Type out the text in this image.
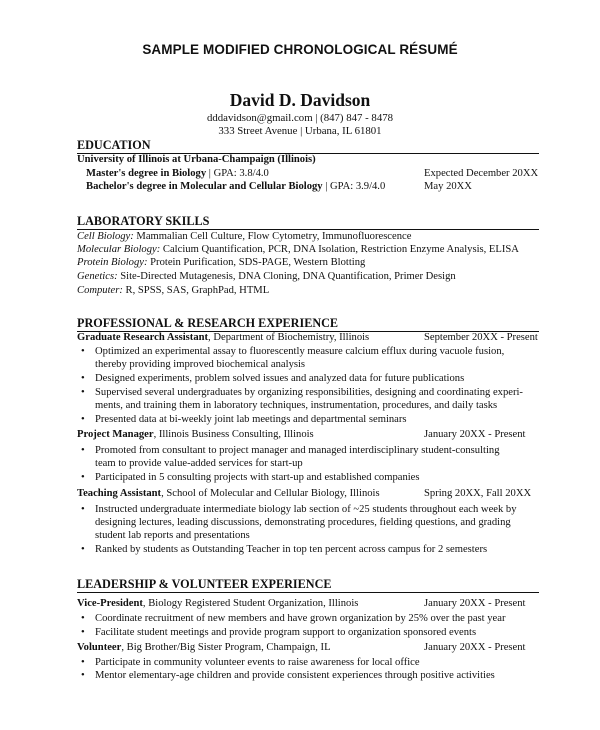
SAMPLE MODIFIED CHRONOLOGICAL RÉSUMÉ
David D. Davidson
dddavidson@gmail.com | (847) 847 - 8478
333 Street Avenue | Urbana, IL 61801
EDUCATION
University of Illinois at Urbana-Champaign (Illinois)
Master's degree in Biology | GPA: 3.8/4.0	Expected December 20XX
Bachelor's degree in Molecular and Cellular Biology | GPA: 3.9/4.0	May 20XX
LABORATORY SKILLS
Cell Biology: Mammalian Cell Culture, Flow Cytometry, Immunofluorescence
Molecular Biology: Calcium Quantification, PCR, DNA Isolation, Restriction Enzyme Analysis, ELISA
Protein Biology: Protein Purification, SDS-PAGE, Western Blotting
Genetics: Site-Directed Mutagenesis, DNA Cloning, DNA Quantification, Primer Design
Computer: R, SPSS, SAS, GraphPad, HTML
PROFESSIONAL & RESEARCH EXPERIENCE
Graduate Research Assistant, Department of Biochemistry, Illinois	September 20XX - Present
• Optimized an experimental assay to fluorescently measure calcium efflux during vacuole fusion,
thereby providing improved biochemical analysis
• Designed experiments, problem solved issues and analyzed data for future publications
• Supervised several undergraduates by organizing responsibilities, designing and coordinating experi-
ments, and training them in laboratory techniques, instrumentation, procedures, and daily tasks
• Presented data at bi-weekly joint lab meetings and departmental seminars
Project Manager, Illinois Business Consulting, Illinois	January 20XX - Present
• Promoted from consultant to project manager and managed interdisciplinary student-consulting
team to provide value-added services for start-up
• Participated in 5 consulting projects with start-up and established companies
Teaching Assistant, School of Molecular and Cellular Biology, Illinois	Spring 20XX, Fall 20XX
• Instructed undergraduate intermediate biology lab section of ~25 students throughout each week by
designing lectures, leading discussions, demonstrating procedures, fielding questions, and grading
student lab reports and presentations
• Ranked by students as Outstanding Teacher in top ten percent across campus for 2 semesters
LEADERSHIP & VOLUNTEER EXPERIENCE
Vice-President, Biology Registered Student Organization, Illinois	January 20XX - Present
• Coordinate recruitment of new members and have grown organization by 25% over the past year
• Facilitate student meetings and provide program support to organization sponsored events
Volunteer, Big Brother/Big Sister Program, Champaign, IL	January 20XX - Present
• Participate in community volunteer events to raise awareness for local office
• Mentor elementary-age children and provide consistent experiences through positive activities
